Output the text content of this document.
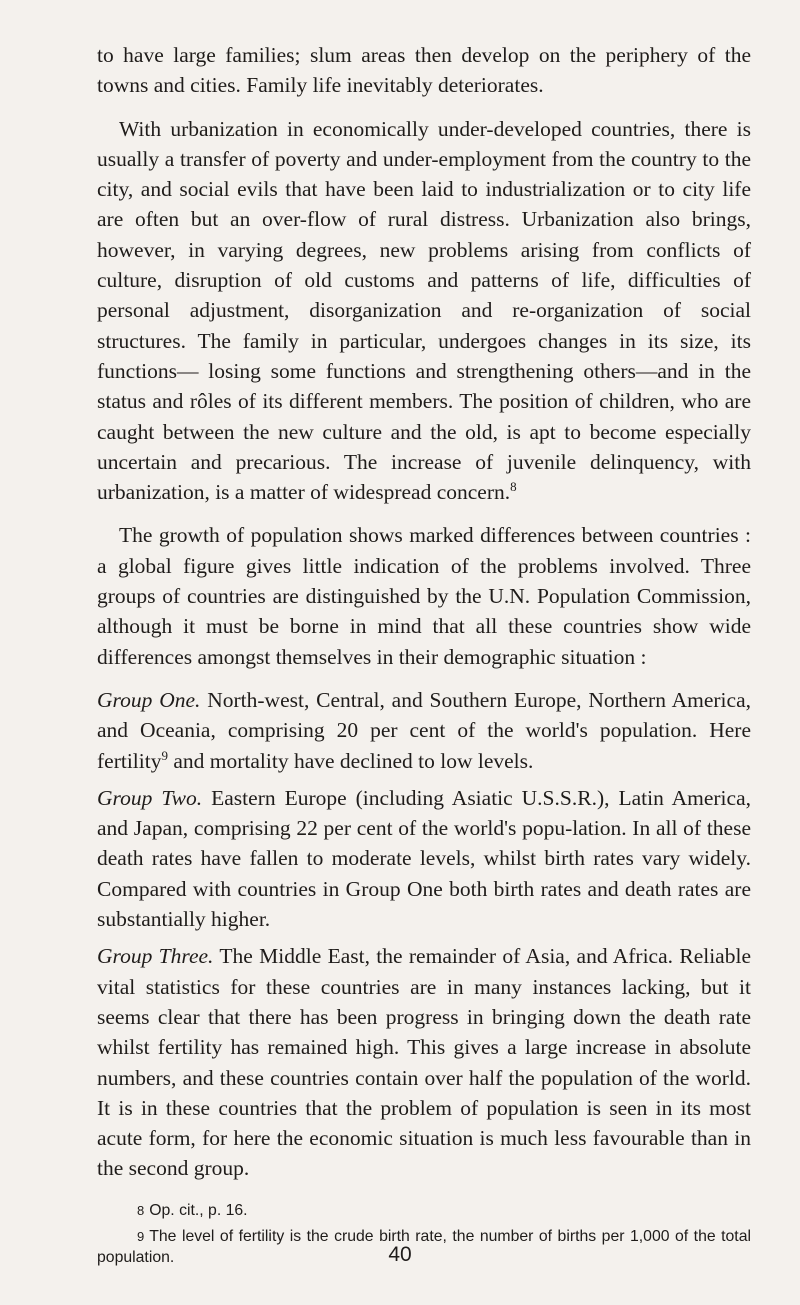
to have large families; slum areas then develop on the periphery of the towns and cities. Family life inevitably deteriorates.

With urbanization in economically under-developed countries, there is usually a transfer of poverty and under-employment from the country to the city, and social evils that have been laid to industrialization or to city life are often but an over-flow of rural distress. Urbanization also brings, however, in varying degrees, new problems arising from conflicts of culture, disruption of old customs and patterns of life, difficulties of personal adjustment, disorganization and re-organization of social structures. The family in particular, undergoes changes in its size, its functions— losing some functions and strengthening others—and in the status and rôles of its different members. The position of children, who are caught between the new culture and the old, is apt to become especially uncertain and precarious. The increase of juvenile delinquency, with urbanization, is a matter of widespread concern.$^8$

The growth of population shows marked differences between countries : a global figure gives little indication of the problems involved. Three groups of countries are distinguished by the U.N. Population Commission, although it must be borne in mind that all these countries show wide differences amongst themselves in their demographic situation :

Group One. North-west, Central, and Southern Europe, Northern America, and Oceania, comprising 20 per cent of the world's population. Here fertility$^9$ and mortality have declined to low levels.

Group Two. Eastern Europe (including Asiatic U.S.S.R.), Latin America, and Japan, comprising 22 per cent of the world's popu-lation. In all of these death rates have fallen to moderate levels, whilst birth rates vary widely. Compared with countries in Group One both birth rates and death rates are substantially higher.

Group Three. The Middle East, the remainder of Asia, and Africa. Reliable vital statistics for these countries are in many instances lacking, but it seems clear that there has been progress in bringing down the death rate whilst fertility has remained high. This gives a large increase in absolute numbers, and these countries contain over half the population of the world. It is in these countries that the problem of population is seen in its most acute form, for here the economic situation is much less favourable than in the second group.

8 Op. cit., p. 16.

9 The level of fertility is the crude birth rate, the number of births per 1,000 of the total population.	40
